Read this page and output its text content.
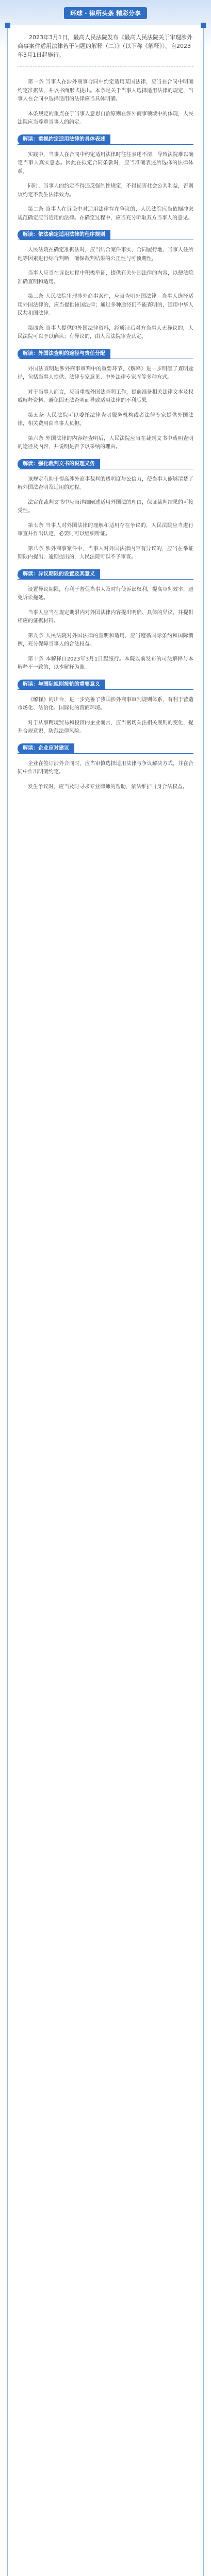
环球 · 律所头条 精彩分享

2023年3月1日，最高人民法院发布《最高人民法院关于审理涉外商事案件适用法律若干问题的解释（二）》（以下称《解释》），自2023年3月1日起施行。

第一条 当事人在涉外商事合同中约定适用某国法律，应当在合同中明确约定准据法，并以书面形式提出。本条是关于当事人选择适用法律的规定，当事人在合同中选择适用的法律应当具体明确。

本条规定的重点在于当事人意思自治原则在涉外商事领域中的体现，人民法院应当尊重当事人的约定。

解读：重视约定适用法律的具体表述

实践中，当事人在合同中约定适用法律时往往表述不清，导致法院难以确定当事人真实意思。因此在拟定合同条款时，应当准确表述所选择的法律体系。

同时，当事人的约定不得违反强制性规定，不得损害社会公共利益，否则该约定不发生法律效力。

第二条 当事人在诉讼中对适用法律存在争议的，人民法院应当依据冲突规范确定应当适用的法律。在确定过程中，应当充分听取双方当事人的意见。

解读：依法确定适用法律的程序规则

人民法院在确定准据法时，应当结合案件事实、合同履行地、当事人住所地等因素进行综合判断，确保裁判结果的公正性与可预期性。

当事人应当在诉讼过程中积极举证，提供有关外国法律的内容，以便法院准确查明和适用。

第三条 人民法院审理涉外商事案件，应当查明外国法律。当事人选择适用外国法律的，应当提供该国法律；通过多种途径仍不能查明的，适用中华人民共和国法律。

第四条 当事人提供的外国法律资料，经质证后对方当事人无异议的，人民法院可以予以确认；有异议的，由人民法院审查认定。

解读：外国法查明的途径与责任分配

外国法查明是涉外商事审判中的重要环节，《解释》进一步明确了查明途径，包括当事人提供、法律专家意见、中外法律专家库等多种方式。

对于当事人而言，应当重视外国法查明工作，提前准备相关法律文本及权威解释资料，避免因无法查明而导致适用法律的不利后果。

第五条 人民法院可以委托法律查明服务机构或者法律专家提供外国法律，相关费用由当事人负担。

第六条 外国法律的内容经查明后，人民法院应当在裁判文书中载明查明的途径及内容，并说明是否予以采纳的理由。

解读：强化裁判文书的说理义务

该规定有助于提高涉外商事裁判的透明度与公信力，使当事人能够清楚了解外国法查明及适用的过程。

法官在裁判文书中应当详细阐述适用外国法的理由，保证裁判结果的可接受性。

第七条 当事人对外国法律的理解和适用存在争议的，人民法院应当进行审查并作出认定，必要时可以组织听证。

第八条 涉外商事案件中，当事人对外国法律内容有异议的，应当在举证期限内提出，逾期提出的，人民法院可以不予审查。

解读：异议期限的设置及其意义

设置异议期限，有利于督促当事人及时行使诉讼权利，提高审判效率，避免诉讼拖延。

当事人应当在规定期限内对外国法律内容提出明确、具体的异议，并提供相应的证据材料。

第九条 人民法院对外国法律的查明和适用，应当遵循国际条约和国际惯例，充分保障当事人的合法权益。

第十条 本解释自2023年3月1日起施行。本院以前发布的司法解释与本解释不一致的，以本解释为准。

解读：与国际规则接轨的重要意义

《解释》的出台，进一步完善了我国涉外商事审判规则体系，有利于营造市场化、法治化、国际化的营商环境。

对于从事跨境贸易和投资的企业而言，应当密切关注相关规则的变化，提升合规意识，防范法律风险。

解读：企业应对建议

企业在签订涉外合同时，应当审慎选择适用法律与争议解决方式，并在合同中作出明确约定。

发生争议时，应当及时寻求专业律师的帮助，依法维护自身合法权益。
